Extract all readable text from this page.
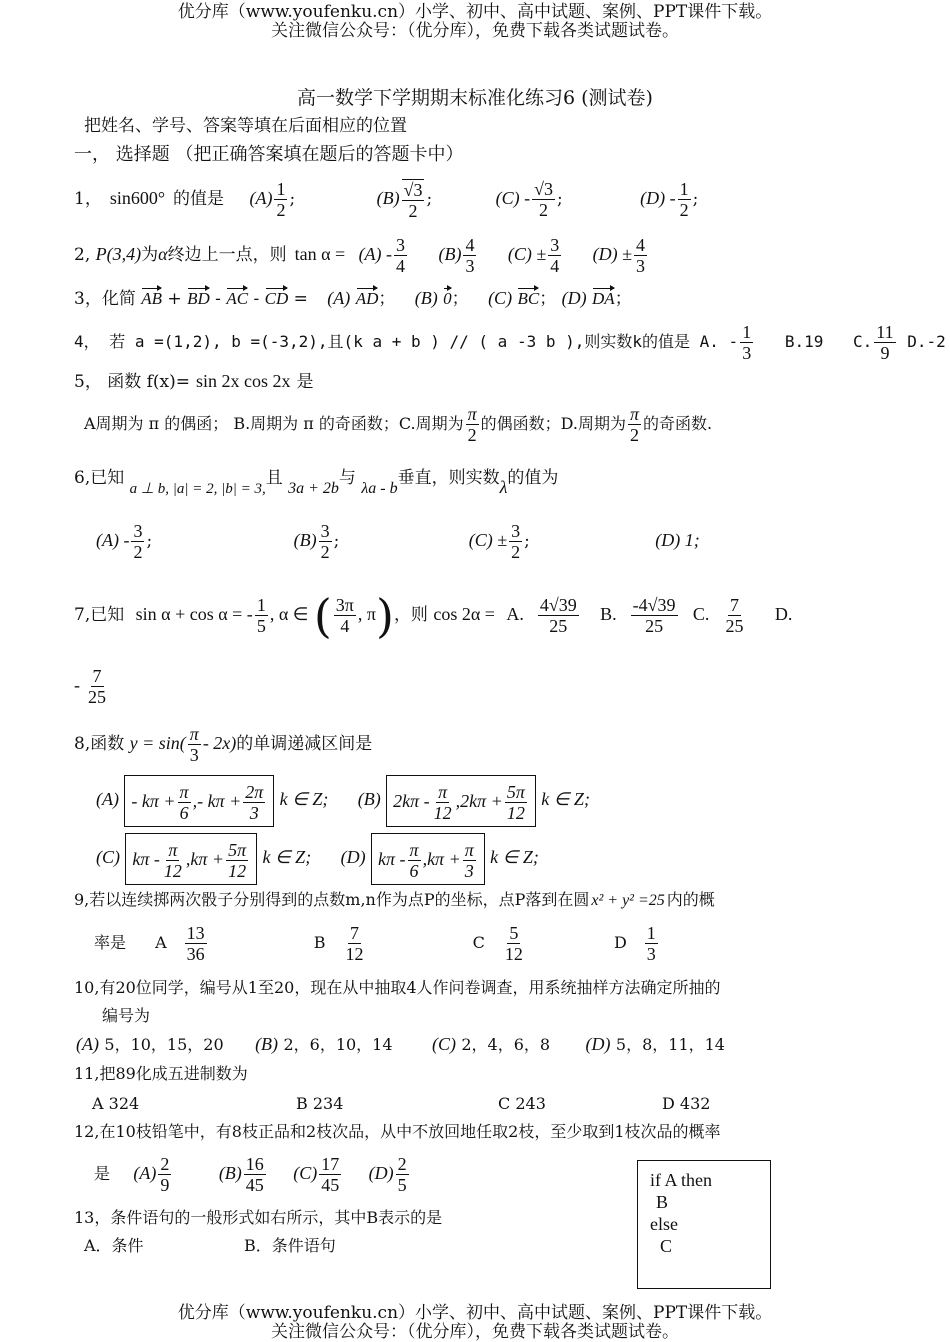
优分库（www.youfenku.cn）小学、初中、高中试题、案例、PPT课件下载。
关注微信公众号：（优分库），免费下载各类试题试卷。
高一数学下学期期末标准化练习6 (测试卷)
把姓名、学号、答案等填在后面相应的位置
一， 选择题 （把正确答案填在题后的答题卡中）
1， sin600° 的值是 $(A) \frac{1}{2}$ ;	$(B) \frac{√3}{2}$ ;	$(C) - \frac{√3}{2}$ ;	$(D) - \frac{1}{2}$ ;
2, P(3,4)为α终边上一点，则 $\tan \alpha = (A) - \frac{3}{4} (B) \frac{4}{3} (C) \pm \frac{3}{4} (D) \pm \frac{4}{3}$
3，化简 AB + BD - AC - CD = (A) AD； (B) 0； (C) BC； (D) DA；
4， 若 a =(1,2), b =(-3,2),且(k a + b ) // ( a -3 b ),则实数k的值是 A. - $\frac{1}{3} B.19$ C. $\frac{11}{9} D.-2$
5， 函数 f(x)= sin 2x cos 2x 是
A周期为 π 的偶函； B.周期为 π 的奇函数；C.周期为 $\frac{\pi}{2}$ 的偶函数；D.周期为 $\frac{\pi}{2}$ 的奇函数.
6,已知 a ⊥ b, |a| = 2, |b| = 3,且 3a + 2b与 λa - b垂直，则实数λ的值为
$(A) - \frac{3}{2}$ ;	$(B) \frac{3}{2}$ ;	$(C) \pm \frac{3}{2}$ ;	(D) 1;
7,已知 sin α + cos α = - $\frac{1}{5}$ , α ∈ ( $\frac{3\pi}{4}$ , π)，则 cos 2α = A. $\frac{4√39}{25} B$. $\frac{-4√39}{25} C$. $\frac{7}{25} D$.
- $\frac{7}{25}$
8,函数 $y = \sin( \frac{\pi}{3} - 2x)$的单调递减区间是
$(A) - k\pi + \frac{\pi}{6}$ ,- $k\pi + \frac{2\pi}{3}$ k ∈ Z; (B) $2k\pi - \frac{\pi}{12} ,2k\pi + \frac{5\pi}{12}$ k ∈ Z;
(C) $k\pi - \frac{\pi}{12} ,k\pi + \frac{5\pi}{12}$ k ∈ Z; (D) $k\pi - \frac{\pi}{6} ,k\pi + \frac{\pi}{3}$ k ∈ Z;
9,若以连续掷两次骰子分别得到的点数m,n作为点P的坐标，点P落到在圆 x² + y² =25 内的概
率是 A $\frac{13}{36}$	B $\frac{7}{12}$	C $\frac{5}{12}$	D $\frac{1}{3}$
10,有20位同学，编号从1至20，现在从中抽取4人作问卷调查，用系统抽样方法确定所抽的
编号为
(A) 5，10，15，20 (B) 2，6，10，14 (C) 2，4，6，8 (D) 5，8，11，14
11,把89化成五进制数为
A 324	B 234	C 243	D 432
12,在10枝铅笔中，有8枝正品和2枝次品，从中不放回地任取2枝，至少取到1枝次品的概率
是 $(A) \frac{2}{9}$	$(B) \frac{16}{45} (C) \frac{17}{45} (D) \frac{2}{5}$
13，条件语句的一般形式如右所示，其中B表示的是
A．条件	B．条件语句
if A then
B
else
C
优分库（www.youfenku.cn）小学、初中、高中试题、案例、PPT课件下载。
关注微信公众号：（优分库），免费下载各类试题试卷。
